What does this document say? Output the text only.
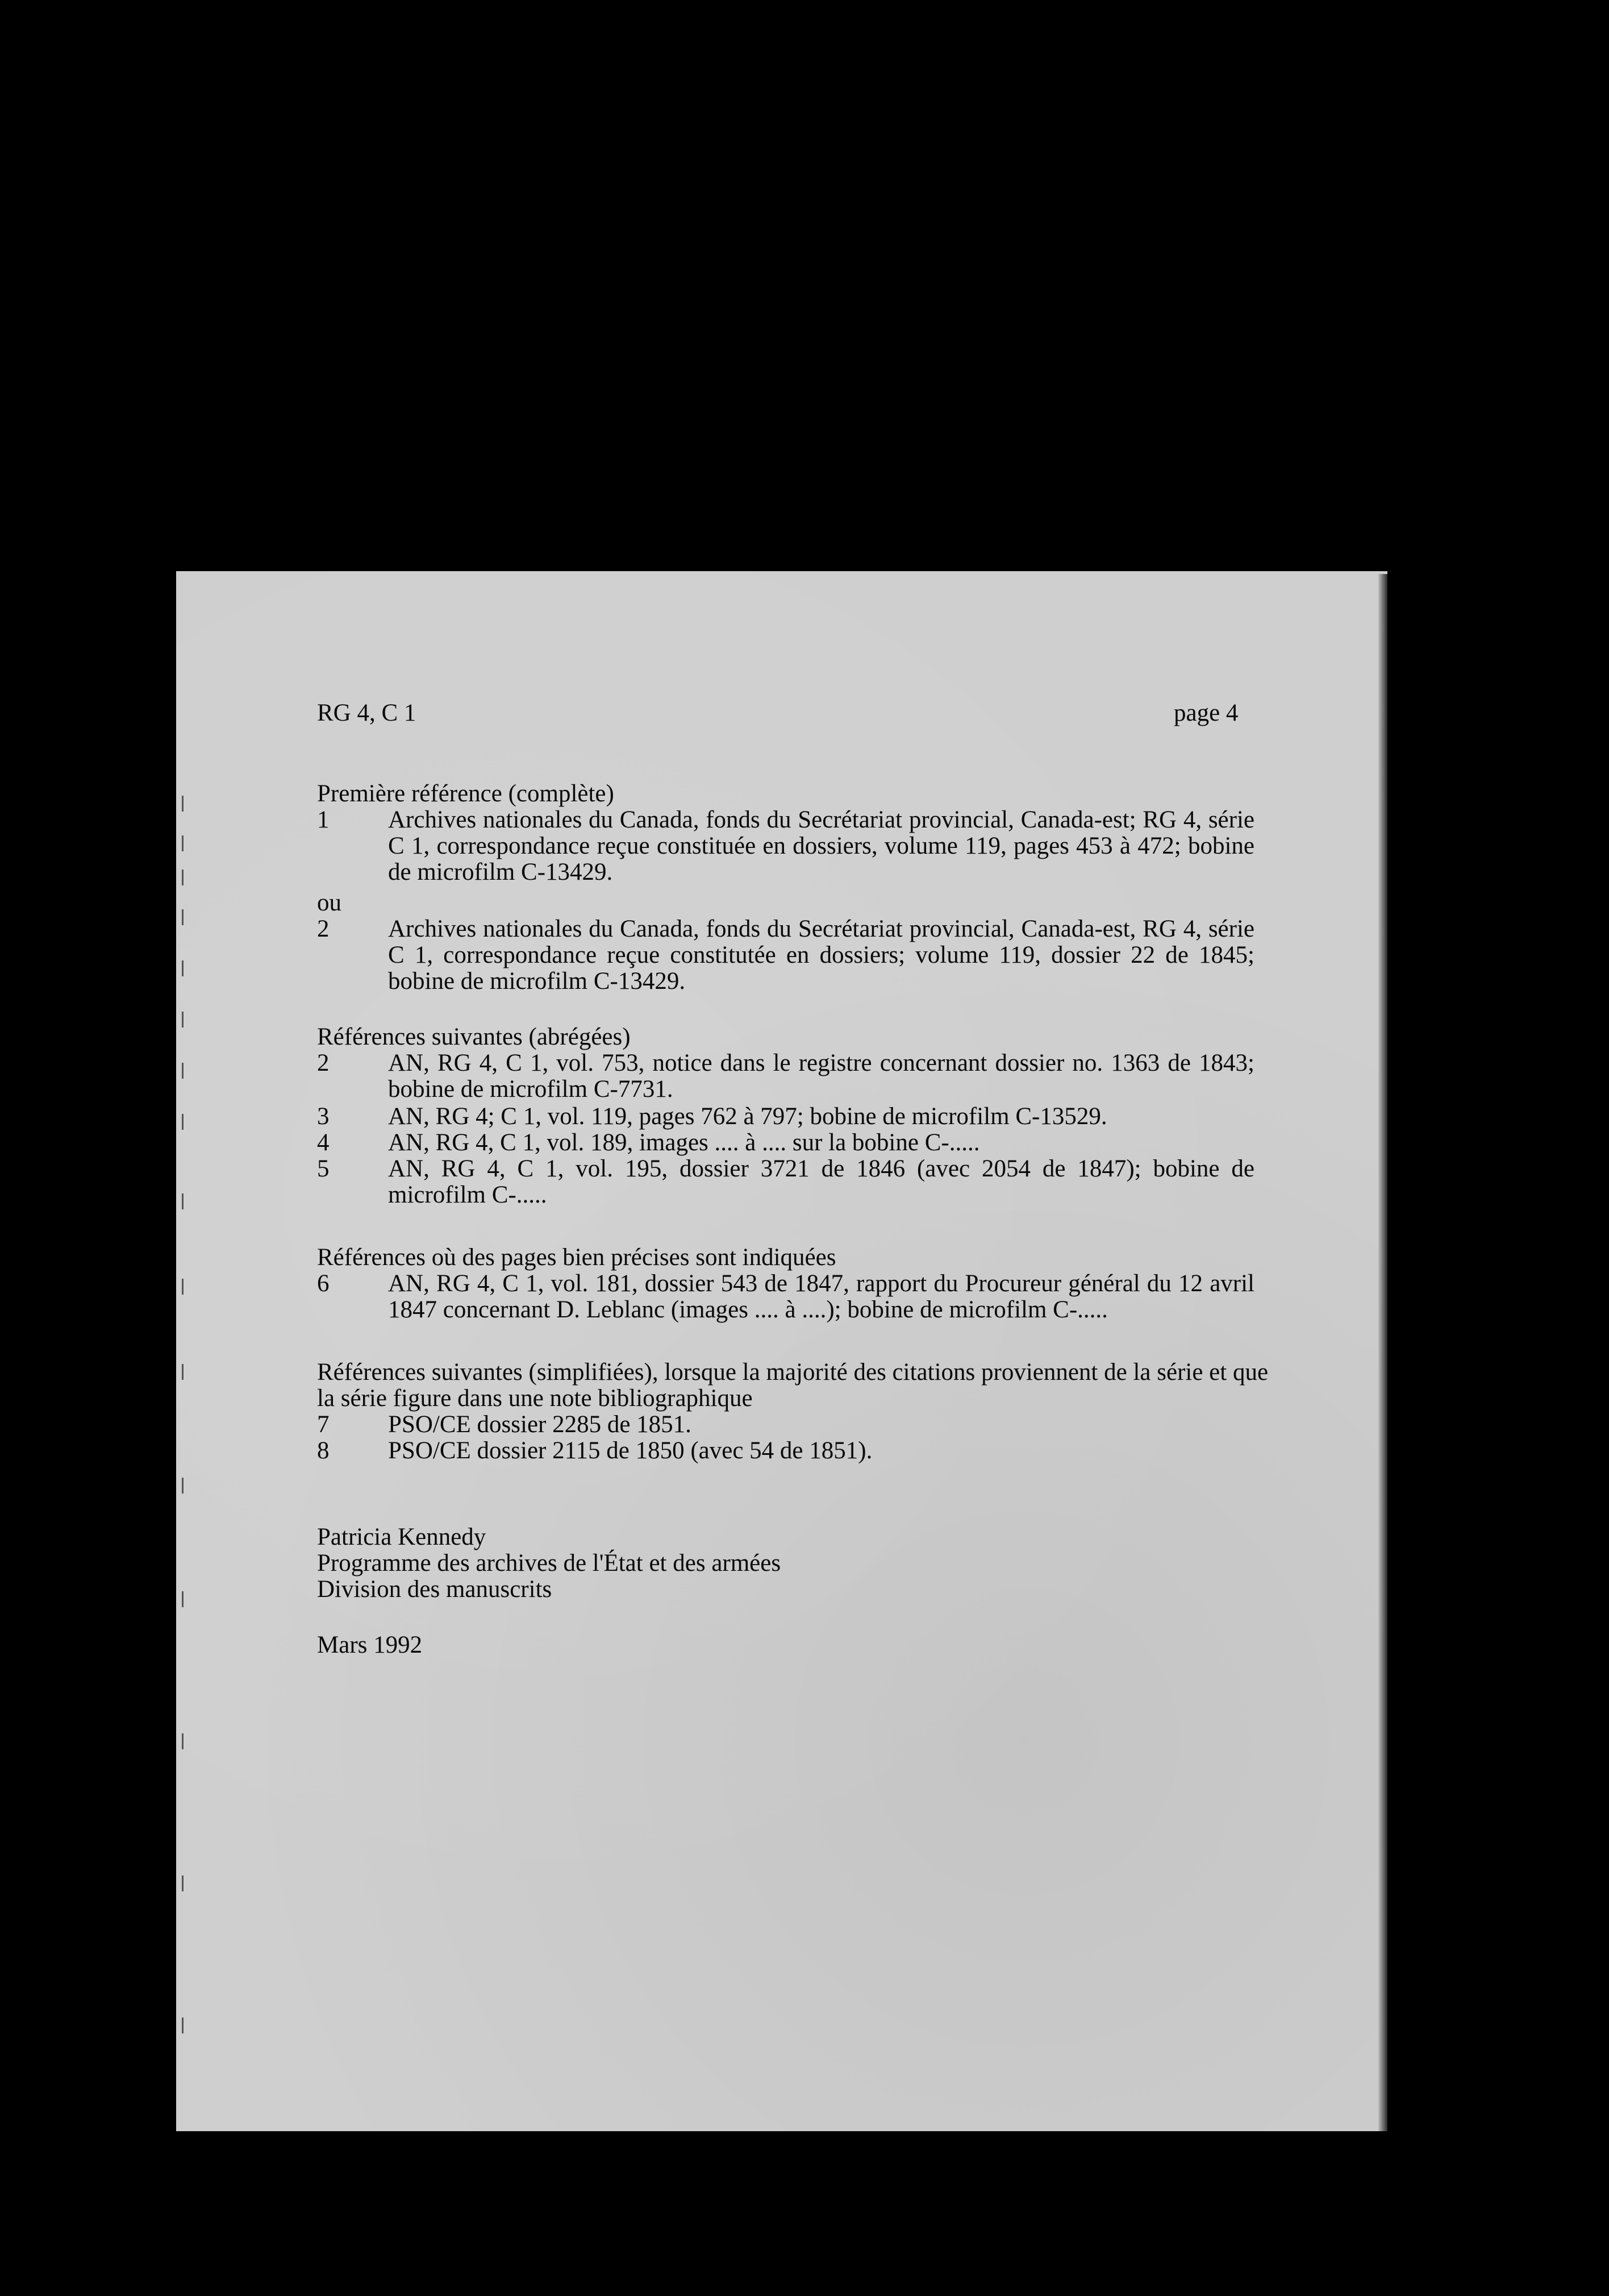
RG 4, C 1	page 4
Première référence (complète)
1	Archives nationales du Canada, fonds du Secrétariat provincial, Canada-est; RG 4, série C 1, correspondance reçue constituée en dossiers, volume 119, pages 453 à 472; bobine de microfilm C-13429.
ou
2	Archives nationales du Canada, fonds du Secrétariat provincial, Canada-est, RG 4, série C 1, correspondance reçue constitutée en dossiers; volume 119, dossier 22 de 1845; bobine de microfilm C-13429.
Références suivantes (abrégées)
2	AN, RG 4, C 1, vol. 753, notice dans le registre concernant dossier no. 1363 de 1843; bobine de microfilm C-7731.
3	AN, RG 4; C 1, vol. 119, pages 762 à 797; bobine de microfilm C-13529.
4	AN, RG 4, C 1, vol. 189, images .... à .... sur la bobine C-.....
5	AN, RG 4, C 1, vol. 195, dossier 3721 de 1846 (avec 2054 de 1847); bobine de microfilm C-.....
Références où des pages bien précises sont indiquées
6	AN, RG 4, C 1, vol. 181, dossier 543 de 1847, rapport du Procureur général du 12 avril 1847 concernant D. Leblanc (images .... à ....); bobine de microfilm C-.....
Références suivantes (simplifiées), lorsque la majorité des citations proviennent de la série et que
la série figure dans une note bibliographique
7	PSO/CE dossier 2285 de 1851.
8	PSO/CE dossier 2115 de 1850 (avec 54 de 1851).
Patricia Kennedy
Programme des archives de l'État et des armées
Division des manuscrits
Mars 1992
